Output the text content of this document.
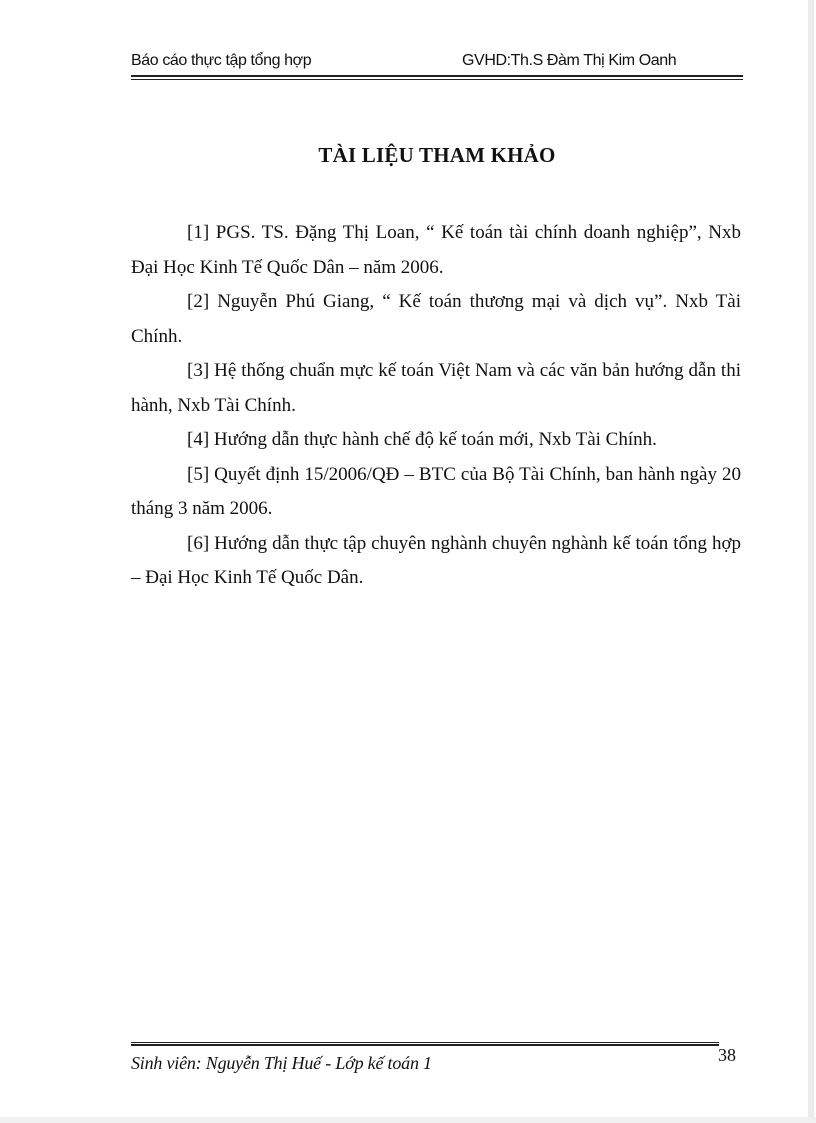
Báo cáo thực tập tổng hợp	GVHD:Th.S Đàm Thị Kim Oanh
TÀI LIỆU THAM KHẢO

[1] PGS. TS. Đặng Thị Loan, “ Kế toán tài chính doanh nghiệp”, Nxb Đại Học Kinh Tế Quốc Dân – năm 2006.

[2] Nguyễn Phú Giang, “ Kế toán thương mại và dịch vụ”. Nxb Tài Chính.

[3] Hệ thống chuẩn mực kế toán Việt Nam và các văn bản hướng dẫn thi hành, Nxb Tài Chính.

[4] Hướng dẫn thực hành chế độ kế toán mới, Nxb Tài Chính.

[5] Quyết định 15/2006/QĐ – BTC của Bộ Tài Chính, ban hành ngày 20 tháng 3 năm 2006.

[6] Hướng dẫn thực tập chuyên nghành chuyên nghành kế toán tổng hợp – Đại Học Kinh Tế Quốc Dân.

Sinh viên: Nguyễn Thị Huế - Lớp kế toán 1	38
